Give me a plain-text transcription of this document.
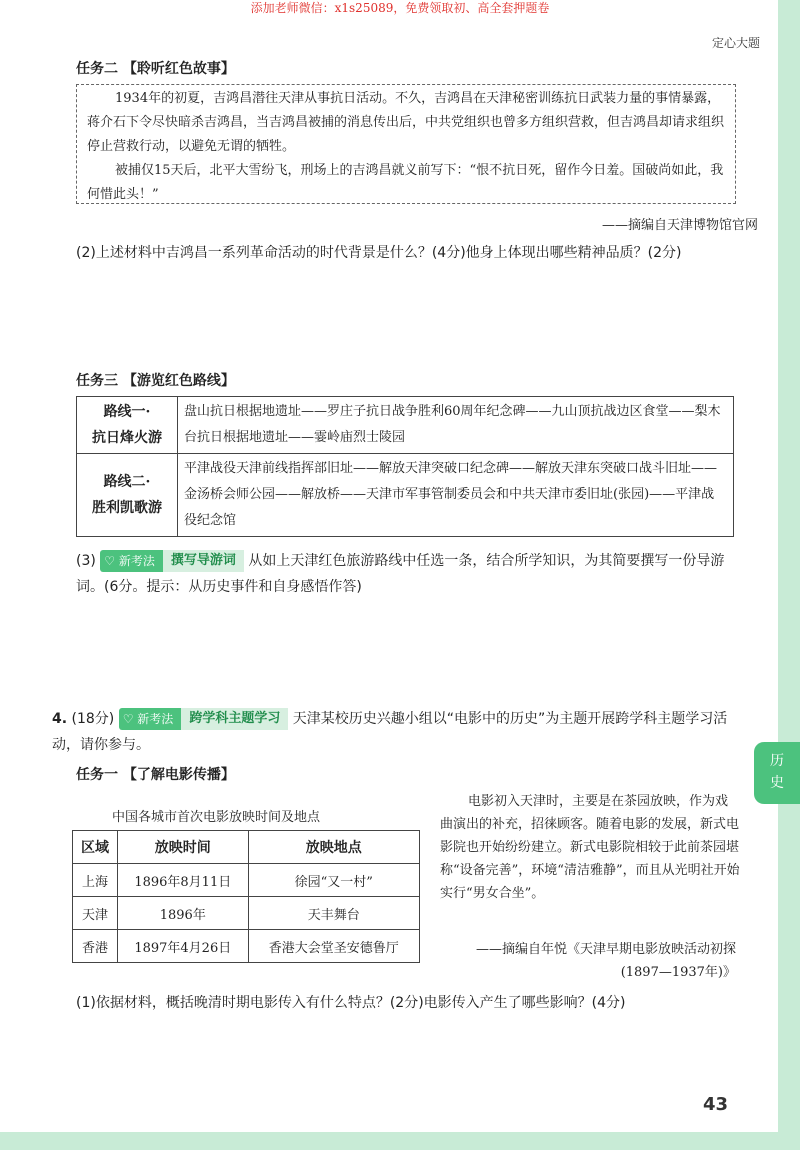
添加老师微信：x1s25089，免费领取初、高全套押题卷
定心大题
历
史
任务二 【聆听红色故事】

1934年的初夏，吉鸿昌潜往天津从事抗日活动。不久，吉鸿昌在天津秘密训练抗日武装力量的事情暴露，蒋介石下令尽快暗杀吉鸿昌，当吉鸿昌被捕的消息传出后，中共党组织也曾多方组织营救，但吉鸿昌却请求组织停止营救行动，以避免无谓的牺牲。

被捕仅15天后，北平大雪纷飞，刑场上的吉鸿昌就义前写下：“恨不抗日死，留作今日羞。国破尚如此，我何惜此头！”

——摘编自天津博物馆官网
(2)上述材料中吉鸿昌一系列革命活动的时代背景是什么？(4分)他身上体现出哪些精神品质？(2分)
任务三 【游览红色路线】
路线一·
抗日烽火游	盘山抗日根据地遗址——罗庄子抗日战争胜利60周年纪念碑——九山顶抗战边区食堂——梨木台抗日根据地遗址——霎岭庙烈士陵园

路线二·
胜利凯歌游	平津战役天津前线指挥部旧址——解放天津突破口纪念碑——解放天津东突破口战斗旧址——金汤桥会师公园——解放桥——天津市军事管制委员会和中共天津市委旧址(张园)——平津战役纪念馆
(3) ♡ 新考法	撰写导游词 从如上天津红色旅游路线中任选一条，结合所学知识，为其简要撰写一份导游词。(6分。提示：从历史事件和自身感悟作答)
4. (18分) ♡ 新考法	跨学科主题学习 天津某校历史兴趣小组以“电影中的历史”为主题开展跨学科主题学习活动，请你参与。
任务一 【了解电影传播】
中国各城市首次电影放映时间及地点
区域	放映时间	放映地点
上海	1896年8月11日	徐园“又一村”
天津	1896年	天丰舞台
香港	1897年4月26日	香港大会堂圣安德鲁厅
电影初入天津时，主要是在茶园放映，作为戏曲演出的补充，招徕顾客。随着电影的发展，新式电影院也开始纷纷建立。新式电影院相较于此前茶园堪称“设备完善”，环境“清洁雅静”，而且从光明社开始实行“男女合坐”。
——摘编自年悦《天津早期电影放映活动初探(1897—1937年)》
(1)依据材料，概括晚清时期电影传入有什么特点？(2分)电影传入产生了哪些影响？(4分)
43
